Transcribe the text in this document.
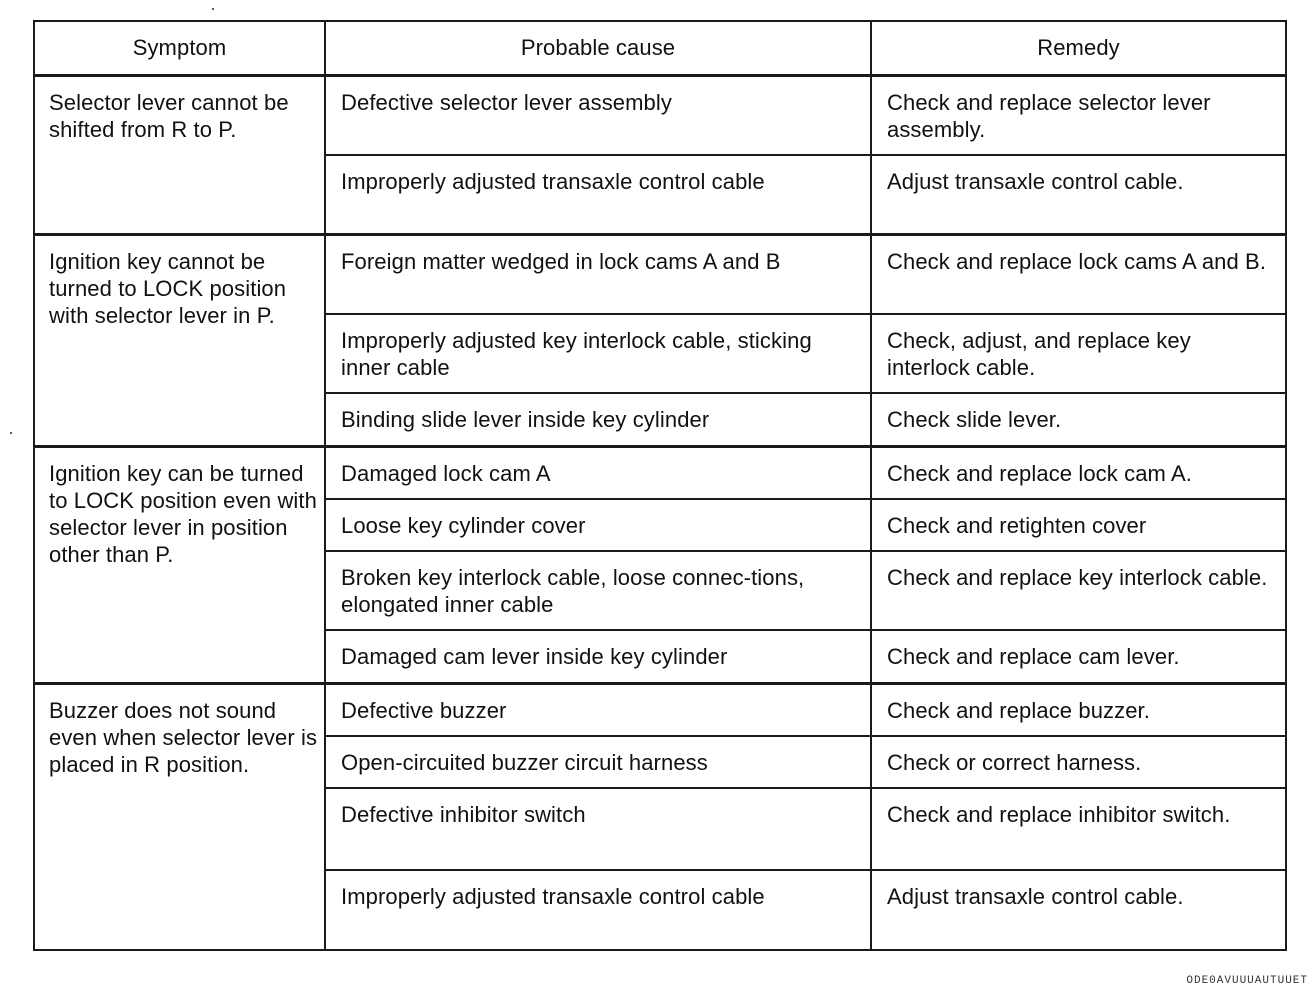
Symptom	Probable cause	Remedy
Selector lever cannot be shifted from R to P.	Defective selector lever assembly	Check and replace selector lever assembly.
	Improperly adjusted transaxle control cable	Adjust transaxle control cable.
Ignition key cannot be turned to LOCK position with selector lever in P.	Foreign matter wedged in lock cams A and B	Check and replace lock cams A and B.
	Improperly adjusted key interlock cable, sticking inner cable	Check, adjust, and replace key interlock cable.
	Binding slide lever inside key cylinder	Check slide lever.
Ignition key can be turned to LOCK position even with selector lever in position other than P.	Damaged lock cam A	Check and replace lock cam A.
	Loose key cylinder cover	Check and retighten cover
	Broken key interlock cable, loose connec-tions, elongated inner cable	Check and replace key interlock cable.
	Damaged cam lever inside key cylinder	Check and replace cam lever.
Buzzer does not sound even when selector lever is placed in R position.	Defective buzzer	Check and replace buzzer.
	Open-circuited buzzer circuit harness	Check or correct harness.
	Defective inhibitor switch	Check and replace inhibitor switch.
	Improperly adjusted transaxle control cable	Adjust transaxle control cable.
ODE0AVUUUAUTUUET
